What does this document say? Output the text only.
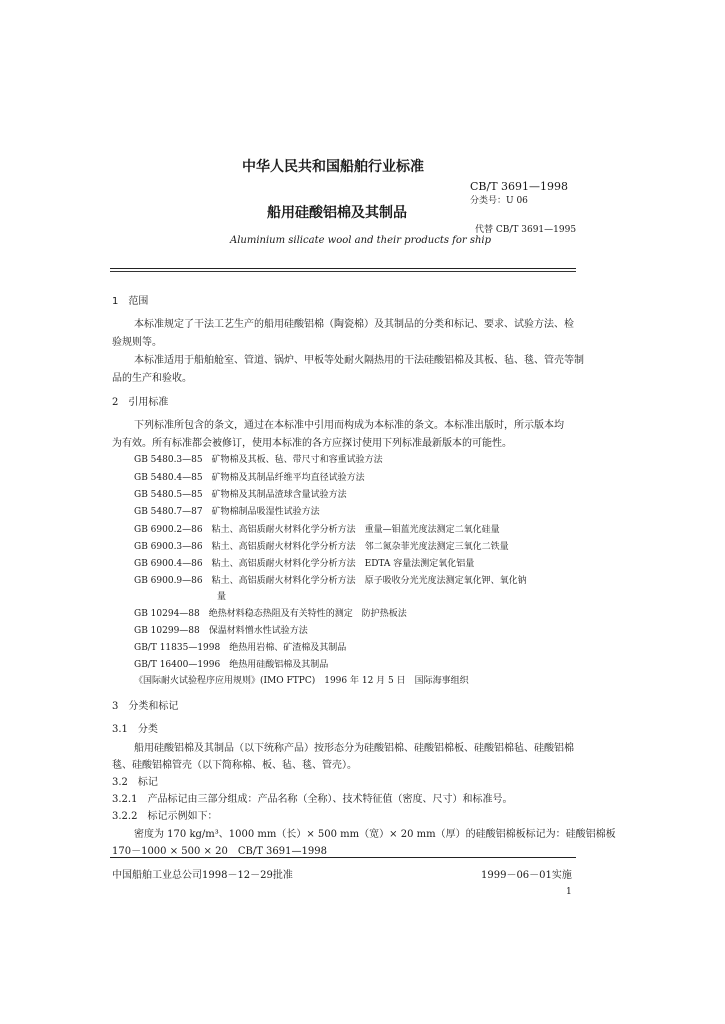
中华人民共和国船舶行业标准
CB/T 3691—1998
分类号：U 06
船用硅酸铝棉及其制品
代替 CB/T 3691—1995
Aluminium silicate wool and their products for ship
1　范围
本标准规定了干法工艺生产的船用硅酸铝棉（陶瓷棉）及其制品的分类和标记、要求、试验方法、检
验规则等。
本标准适用于船舶舱室、管道、锅炉、甲板等处耐火隔热用的干法硅酸铝棉及其板、毡、毯、管壳等制
品的生产和验收。
2　引用标准
下列标准所包含的条文，通过在本标准中引用而构成为本标准的条文。本标准出版时，所示版本均
为有效。所有标准都会被修订，使用本标准的各方应探讨使用下列标准最新版本的可能性。
GB 5480.3—85　 矿物棉及其板、毡、带尺寸和容重试验方法
GB 5480.4—85　 矿物棉及其制品纤维平均直径试验方法
GB 5480.5—85　 矿物棉及其制品渣球含量试验方法
GB 5480.7—87　 矿物棉制品吸湿性试验方法
GB 6900.2—86　 粘土、高铝质耐火材料化学分析方法　重量—钼蓝光度法测定二氧化硅量
GB 6900.3—86　 粘土、高铝质耐火材料化学分析方法　邻二氮杂菲光度法测定三氧化二铁量
GB 6900.4—86　 粘土、高铝质耐火材料化学分析方法　EDTA 容量法测定氧化铝量
GB 6900.9—86　 粘土、高铝质耐火材料化学分析方法　原子吸收分光光度法测定氧化钾、氧化钠
量
GB 10294—88　 绝热材料稳态热阻及有关特性的测定　防护热板法
GB 10299—88　 保温材料憎水性试验方法
GB/T 11835—1998　 绝热用岩棉、矿渣棉及其制品
GB/T 16400—1996　 绝热用硅酸铝棉及其制品
《国际耐火试验程序应用规则》(IMO FTPC)　1996 年 12 月 5 日　国际海事组织
3　分类和标记
3.1　分类
船用硅酸铝棉及其制品（以下统称产品）按形态分为硅酸铝棉、硅酸铝棉板、硅酸铝棉毡、硅酸铝棉
毯、硅酸铝棉管壳（以下简称棉、板、毡、毯、管壳）。
3.2　标记
3.2.1　产品标记由三部分组成：产品名称（全称）、技术特征值（密度、尺寸）和标准号。
3.2.2　标记示例如下：
密度为 170 kg/m³、1000 mm（长）× 500 mm（宽）× 20 mm（厚）的硅酸铝棉板标记为：硅酸铝棉板
170－1000 × 500 × 20　CB/T 3691—1998
中国船舶工业总公司1998－12－29批准	1999－06－01实施
1
